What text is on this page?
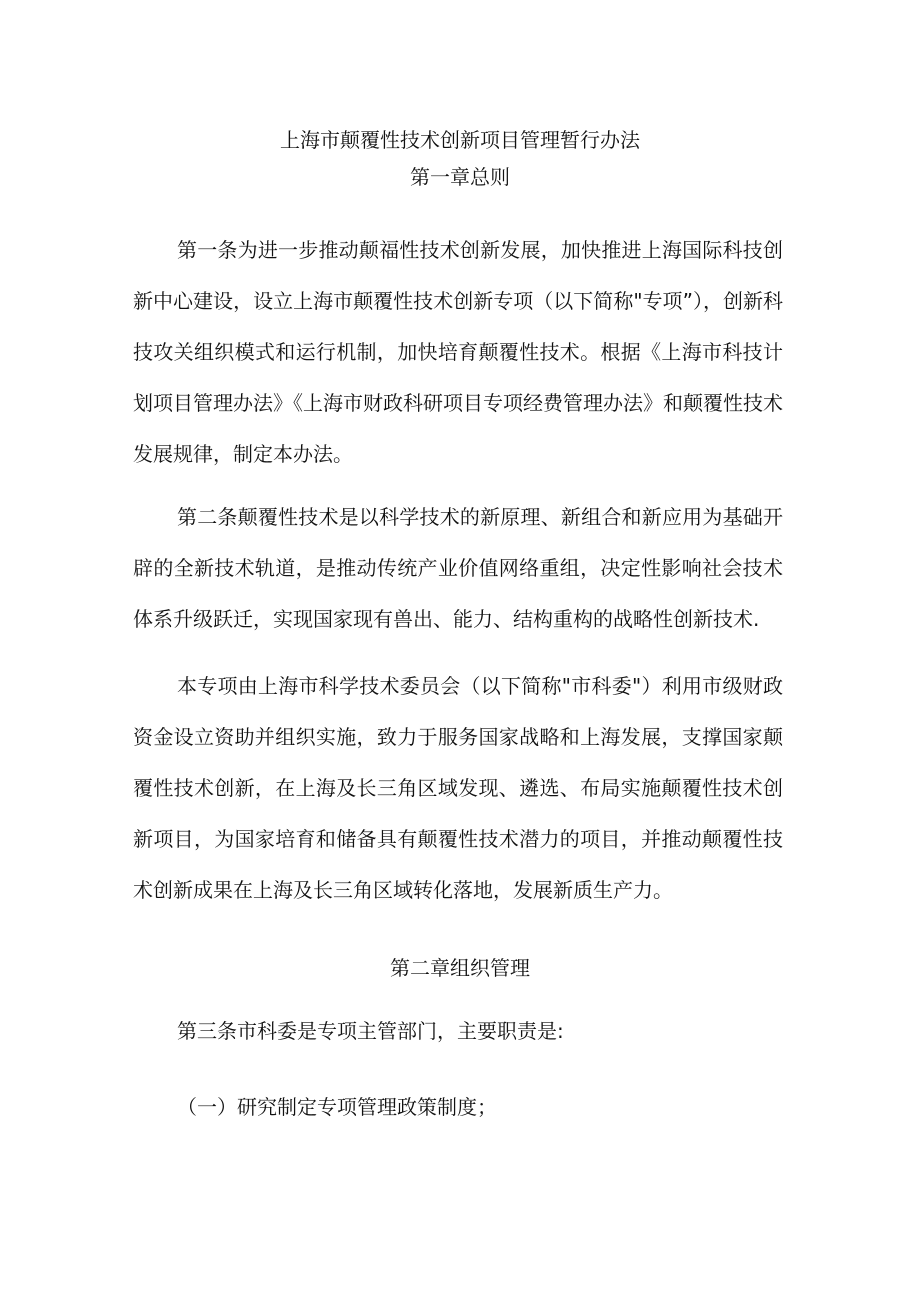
上海市颠覆性技术创新项目管理暂行办法
第一章总则
第一条为进一步推动颠福性技术创新发展，加快推进上海国际科技创新中心建设，设立上海市颠覆性技术创新专项（以下简称"专项”），创新科技攻关组织模式和运行机制，加快培育颠覆性技术。根据《上海市科技计划项目管理办法》《上海市财政科研项目专项经费管理办法》和颠覆性技术发展规律，制定本办法。
第二条颠覆性技术是以科学技术的新原理、新组合和新应用为基础开辟的全新技术轨道，是推动传统产业价值网络重组，决定性影响社会技术体系升级跃迁，实现国家现有兽出、能力、结构重构的战略性创新技术.
本专项由上海市科学技术委员会（以下简称"市科委"）利用市级财政资金设立资助并组织实施，致力于服务国家战略和上海发展，支撑国家颠覆性技术创新，在上海及长三角区域发现、遴选、布局实施颠覆性技术创新项目，为国家培育和储备具有颠覆性技术潜力的项目，并推动颠覆性技术创新成果在上海及长三角区域转化落地，发展新质生产力。
第二章组织管理
第三条市科委是专项主管部门，主要职责是:
（一）研究制定专项管理政策制度；
